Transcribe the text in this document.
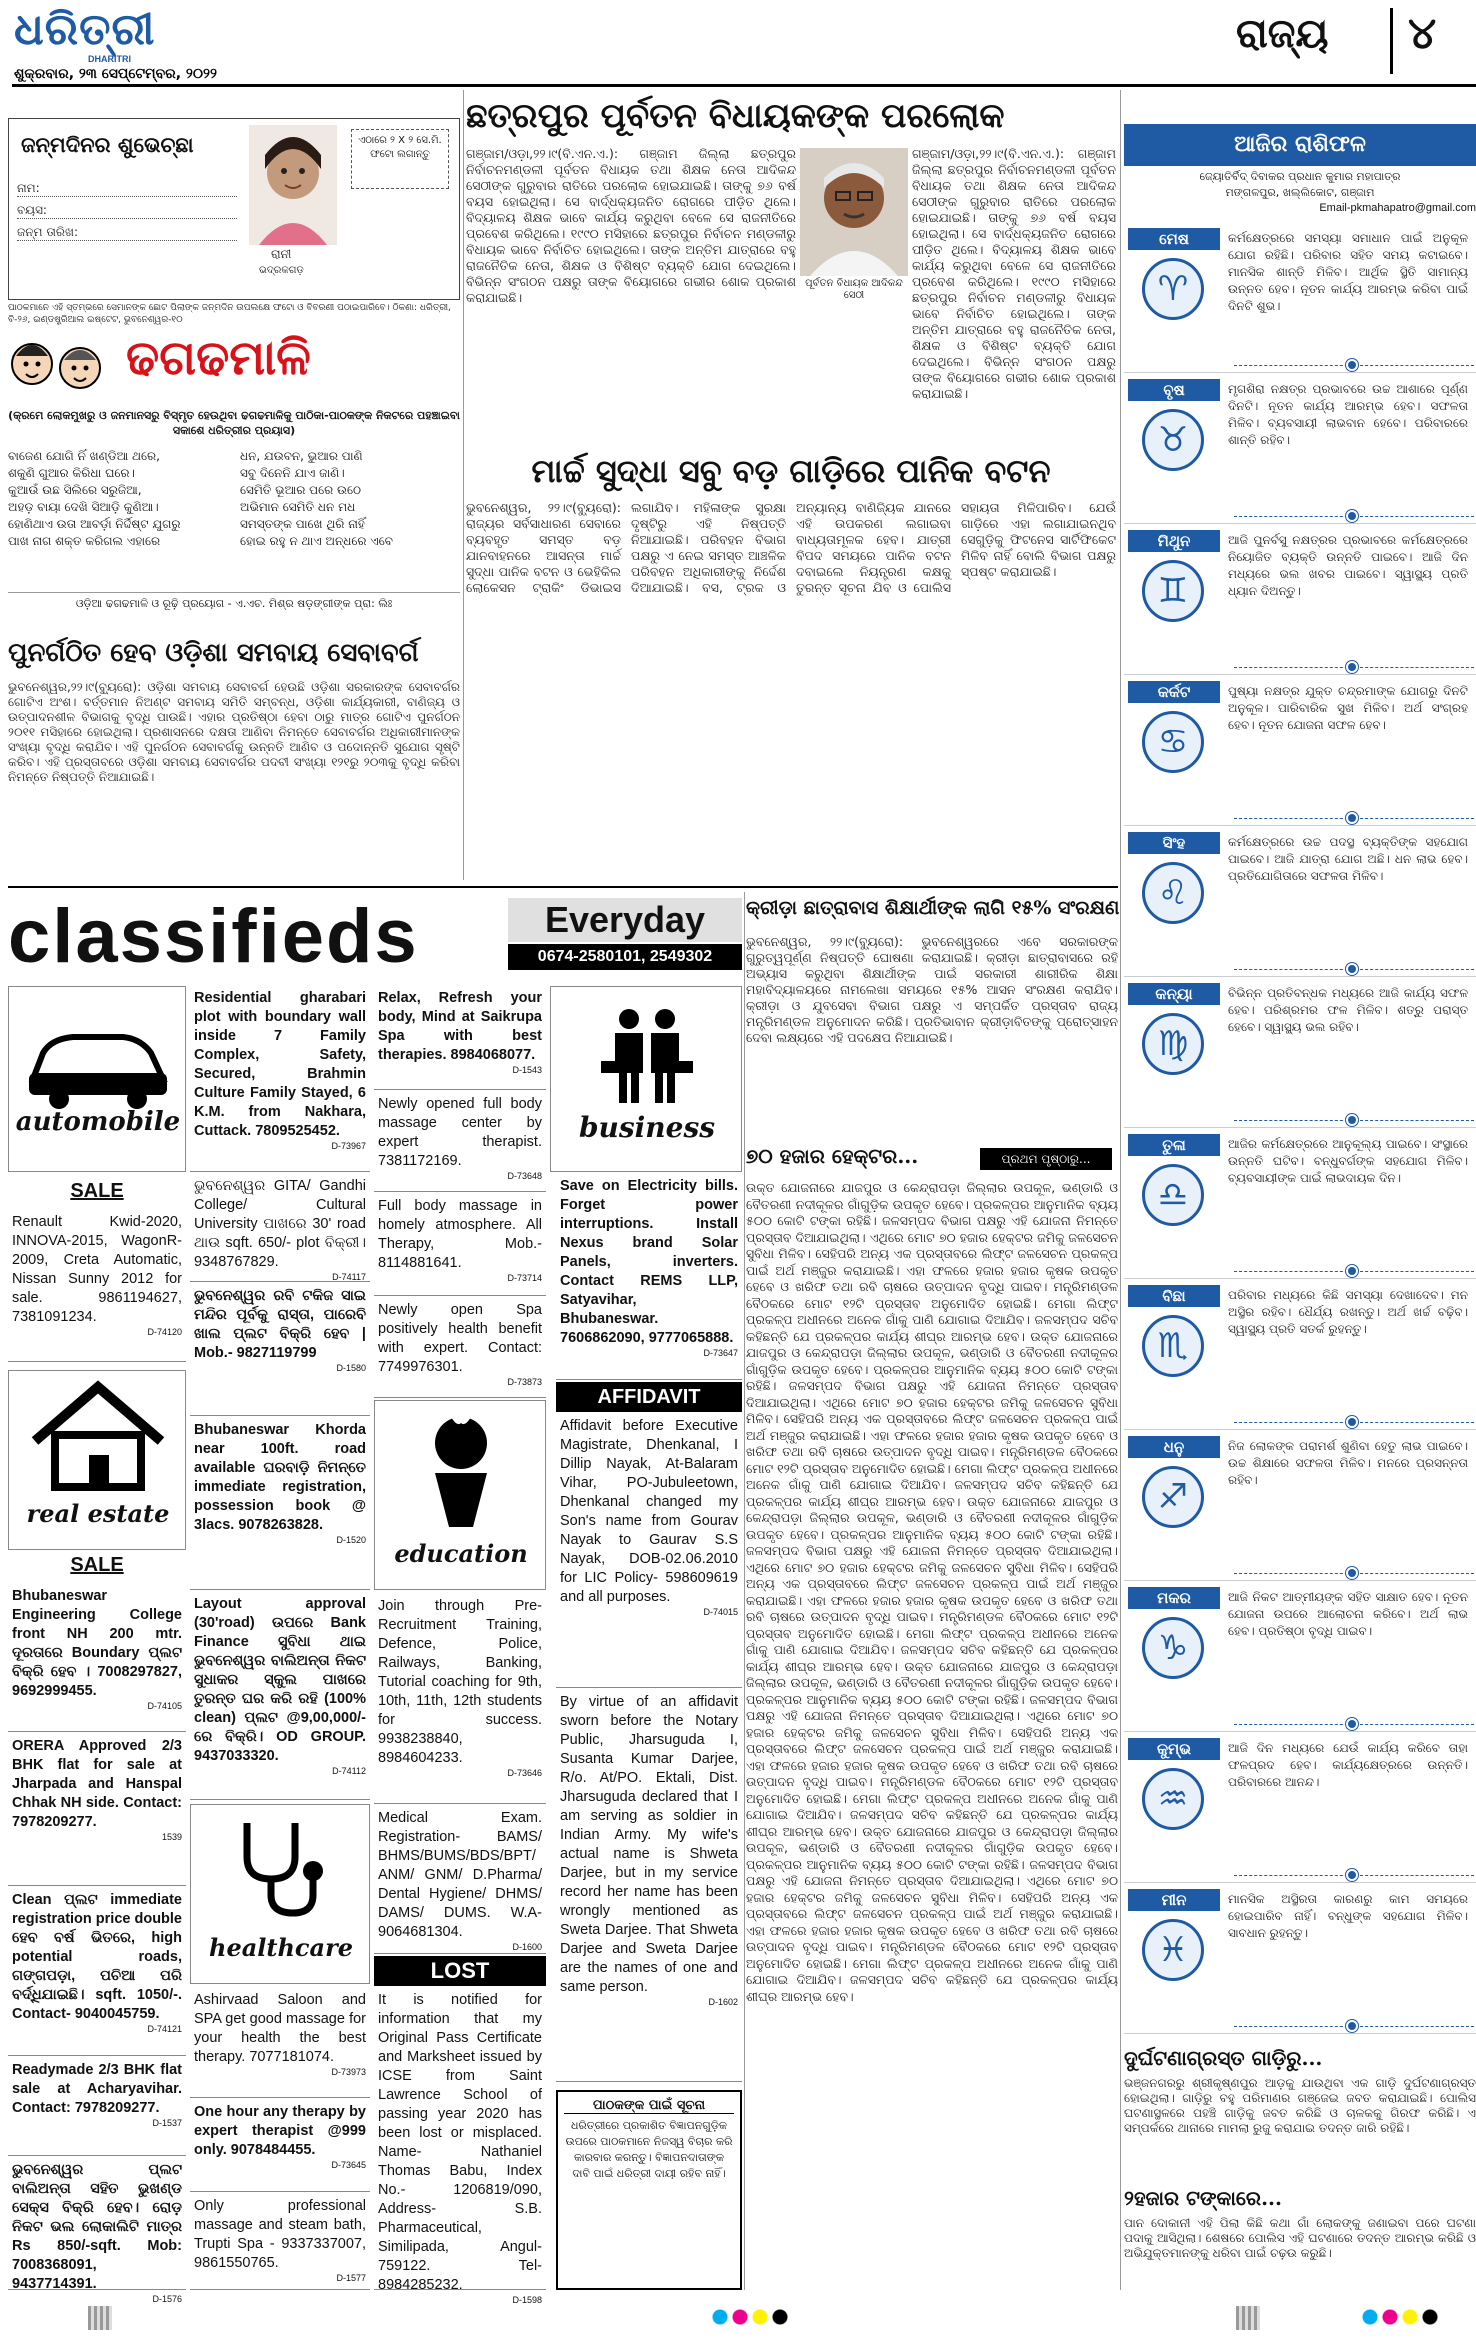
ଧରିତ୍ରୀ
DHARITRI
ଶୁକ୍ରବାର, ୨୩ ସେପ୍ଟେମ୍ବର, ୨୦୨୨
ରାଜ୍ୟ ୪
ଜନ୍ମଦିନର ଶୁଭେଚ୍ଛା
ନାମ:
ବୟସ:
ଜନ୍ମ ତାରିଖ:
ରାନୀ
ଭଦ୍ରକଗଡ଼
ଏଠାରେ ୨ X ୨ ସେ.ମି. ଫଟୋ ଲଗାନ୍ତୁ
ପାଠକମାନେ ଏହି ସ୍ତମ୍ଭରେ ସେମାନଙ୍କ ଛୋଟ ପିଲାଙ୍କ ଜନ୍ମଦିନ ଉପଲକ୍ଷେ ଫଟୋ ଓ ବିବରଣୀ ପଠାଇପାରିବେ। ଠିକଣା: ଧରିତ୍ରୀ, ବି-୨୬, ଇଣ୍ଡଷ୍ଟ୍ରିଆଲ ଇଷ୍ଟେଟ, ଭୁବନେଶ୍ୱର-୧୦
ଢଗଢମାଳି
(କ୍ରମେ ଲୋକମୁଖରୁ ଓ ଜନମାନସରୁ ବିସ୍ମୃତ ହେଉଥିବା ଢଗଢମାଳିକୁ ପାଠିକା-ପାଠକଙ୍କ ନିକଟରେ ପହଞ୍ଚାଇବା ସକାଶେ ଧରିତ୍ରୀର ପ୍ରୟାସ)
ବାଜେଣ ଯୋଗି ନିଁ ଖଣ୍ଡିଆ ଥରେ,
ଶକୁଣି ଗୁଆର କିରିଧା ଘରେ।
କୁଆଉଁ ଉଛ ସିଲିରେ ସରୁଜିଆ,
ଅହଡ଼ ବାୟା ଦେଖି ସିଆଡ଼ି କୁଣିଆ।
ହୋଣିଥାଏ ଉତା ଆବର୍ଡ଼ା ନିର୍ଦ୍ଦିଷ୍ଟ ଯୁଗରୁ
ପାଖ ନାଗ ଶକ୍ତ କରିଗଲ ଏହାରେ
ଧନ, ଯଉବନ, ଭୁଆର ପାଣି
ସବୁ ଦିନେନି ଯାଏ ଜାଣି।
ସେମିତି ଭୂଆର ପରେ ଉଠେ
ଅଭିମାନ ସେମିତି ଧନ ମଧ
ସମସ୍ତଙ୍କ ପାଖେ ଥିରି ନାହିଁ
ହୋଇ ରହୁ ନ ଥାଏ ଅନ୍ଧରେ ଏବେ
ଓଡ଼ିଆ ଢଗଢମାଳି ଓ ରୂଢ଼ି ପ୍ରୟୋଗ - ଏ.ଏଚ. ମିଶ୍ର ଷଡ଼ଙ୍ଗୀଙ୍କ ପ୍ରା: ଲିଃ
ପୁନର୍ଗଠିତ ହେବ ଓଡ଼ିଶା ସମବାୟ ସେବାବର୍ଗ
ଭୁବନେଶ୍ୱର,୨୨।୯(ବ୍ୟୁରୋ): ଓଡ଼ିଶା ସମବାୟ ସେବାବର୍ଗ ହେଉଛି ଓଡ଼ିଶା ସରକାରଙ୍କ ସେବାବର୍ଗର ଗୋଟିଏ ଅଂଶ। ବର୍ତ୍ତମାନ ନିଅଣ୍ଟ ସମବାୟ ସମିତି ସମ୍ବନ୍ଧ, ଓଡ଼ିଶା କାର୍ଯ୍ୟକାରୀ, ବାଣିଜ୍ୟ ଓ ଉତ୍ପାଦନଶୀଳ ବିଭାଗକୁ ବୃଦ୍ଧି ପାଉଛି। ଏହାର ପ୍ରତିଷ୍ଠା ହେବା ଠାରୁ ମାତ୍ର ଗୋଟିଏ ପୁନର୍ଗଠନ ୨୦୧୧ ମସିହାରେ ହୋଇଥିଲା। ପ୍ରଶାସନରେ ଦକ୍ଷତା ଆଣିବା ନିମନ୍ତେ ସେବାବର୍ଗର ଅଧିକାରୀମାନଙ୍କ ସଂଖ୍ୟା ବୃଦ୍ଧି କରାଯିବ। ଏହି ପୁନର୍ଗଠନ ସେବାବର୍ଗକୁ ଉନ୍ନତି ଆଣିବ ଓ ପଦୋନ୍ନତି ସୁଯୋଗ ସୃଷ୍ଟି କରିବ। ଏହି ପ୍ରସ୍ତାବରେ ଓଡ଼ିଶା ସମବାୟ ସେବାବର୍ଗର ପଦବୀ ସଂଖ୍ୟା ୧୨୧ରୁ ୨୦୩କୁ ବୃଦ୍ଧି କରିବା ନିମନ୍ତେ ନିଷ୍ପତ୍ତି ନିଆଯାଇଛି।
ଛତ୍ରପୁର ପୂର୍ବତନ ବିଧାୟକଙ୍କ ପରଲୋକ
ଗଞ୍ଜାମ/ଓଡ଼ା,୨୨।୯(ବି.ଏନ.ଏ.): ଗଞ୍ଜାମ ଜିଲ୍ଲା ଛତ୍ରପୁର ନିର୍ବାଚନମଣ୍ଡଳୀ ପୂର୍ବତନ ବିଧାୟକ ତଥା ଶିକ୍ଷକ ନେତା ଆଦିକନ୍ଦ ସେଠୀଙ୍କ ଗୁରୁବାର ରାତିରେ ପରଲୋକ ହୋଇଯାଇଛି। ତାଙ୍କୁ ୭୬ ବର୍ଷ ବୟସ ହୋଇଥିଲା। ସେ ବାର୍ଦ୍ଧକ୍ୟଜନିତ ରୋଗରେ ପୀଡ଼ିତ ଥିଲେ। ବିଦ୍ୟାଳୟ ଶିକ୍ଷକ ଭାବେ କାର୍ଯ୍ୟ କରୁଥିବା ବେଳେ ସେ ରାଜନୀତିରେ ପ୍ରବେଶ କରିଥିଲେ। ୧୯୯୦ ମସିହାରେ ଛତ୍ରପୁର ନିର୍ବାଚନ ମଣ୍ଡଳୀରୁ ବିଧାୟକ ଭାବେ ନିର୍ବାଚିତ ହୋଇଥିଲେ। ତାଙ୍କ ଅନ୍ତିମ ଯାତ୍ରାରେ ବହୁ ରାଜନୈତିକ ନେତା, ଶିକ୍ଷକ ଓ ବିଶିଷ୍ଟ ବ୍ୟକ୍ତି ଯୋଗ ଦେଇଥିଲେ। ବିଭିନ୍ନ ସଂଗଠନ ପକ୍ଷରୁ ତାଙ୍କ ବିୟୋଗରେ ଗଭୀର ଶୋକ ପ୍ରକାଶ କରାଯାଇଛି।
ପୂର୍ବତନ ବିଧାୟକ ଆଦିକନ୍ଦ ସେଠୀ
ଗଞ୍ଜାମ/ଓଡ଼ା,୨୨।୯(ବି.ଏନ.ଏ.): ଗଞ୍ଜାମ ଜିଲ୍ଲା ଛତ୍ରପୁର ନିର୍ବାଚନମଣ୍ଡଳୀ ପୂର୍ବତନ ବିଧାୟକ ତଥା ଶିକ୍ଷକ ନେତା ଆଦିକନ୍ଦ ସେଠୀଙ୍କ ଗୁରୁବାର ରାତିରେ ପରଲୋକ ହୋଇଯାଇଛି। ତାଙ୍କୁ ୭୬ ବର୍ଷ ବୟସ ହୋଇଥିଲା। ସେ ବାର୍ଦ୍ଧକ୍ୟଜନିତ ରୋଗରେ ପୀଡ଼ିତ ଥିଲେ। ବିଦ୍ୟାଳୟ ଶିକ୍ଷକ ଭାବେ କାର୍ଯ୍ୟ କରୁଥିବା ବେଳେ ସେ ରାଜନୀତିରେ ପ୍ରବେଶ କରିଥିଲେ। ୧୯୯୦ ମସିହାରେ ଛତ୍ରପୁର ନିର୍ବାଚନ ମଣ୍ଡଳୀରୁ ବିଧାୟକ ଭାବେ ନିର୍ବାଚିତ ହୋଇଥିଲେ। ତାଙ୍କ ଅନ୍ତିମ ଯାତ୍ରାରେ ବହୁ ରାଜନୈତିକ ନେତା, ଶିକ୍ଷକ ଓ ବିଶିଷ୍ଟ ବ୍ୟକ୍ତି ଯୋଗ ଦେଇଥିଲେ। ବିଭିନ୍ନ ସଂଗଠନ ପକ୍ଷରୁ ତାଙ୍କ ବିୟୋଗରେ ଗଭୀର ଶୋକ ପ୍ରକାଶ କରାଯାଇଛି।
ମାର୍ଚ୍ଚ ସୁଦ୍ଧା ସବୁ ବଡ଼ ଗାଡ଼ିରେ ପାନିକ ବଟନ
ଭୁବନେଶ୍ୱର, ୨୨।୯(ବ୍ୟୁରୋ): ରାଜ୍ୟର ସର୍ବସାଧାରଣ ସେବାରେ ବ୍ୟବହୃତ ସମସ୍ତ ବଡ଼ ଯାନବାହନରେ ଆସନ୍ତା ମାର୍ଚ୍ଚ ସୁଦ୍ଧା ପାନିକ ବଟନ ଓ ଭେହିକିଲ ଲୋକେସନ ଟ୍ରାକିଂ ଡିଭାଇସ ଲଗାଯିବ। ମହିଳାଙ୍କ ସୁରକ୍ଷା ଦୃଷ୍ଟିରୁ ଏହି ନିଷ୍ପତ୍ତି ନିଆଯାଇଛି। ପରିବହନ ବିଭାଗ ପକ୍ଷରୁ ଏ ନେଇ ସମସ୍ତ ଆଞ୍ଚଳିକ ପରିବହନ ଅଧିକାରୀଙ୍କୁ ନିର୍ଦ୍ଦେଶ ଦିଆଯାଇଛି। ବସ, ଟ୍ରକ ଓ ଅନ୍ୟାନ୍ୟ ବାଣିଜ୍ୟିକ ଯାନରେ ଏହି ଉପକରଣ ଲଗାଇବା ବାଧ୍ୟତାମୂଳକ ହେବ। ଯାତ୍ରୀ ବିପଦ ସମୟରେ ପାନିକ ବଟନ ଦବାଇଲେ ନିୟନ୍ତ୍ରଣ କକ୍ଷକୁ ତୁରନ୍ତ ସୂଚନା ଯିବ ଓ ପୋଲିସ ସହାୟତା ମିଳିପାରିବ। ଯେଉଁ ଗାଡ଼ିରେ ଏହା ଲଗାଯାଇନଥିବ ସେଗୁଡ଼ିକୁ ଫିଟନେସ ସାର୍ଟିଫିକେଟ ମିଳିବ ନାହିଁ ବୋଲି ବିଭାଗ ପକ୍ଷରୁ ସ୍ପଷ୍ଟ କରାଯାଇଛି।
classifieds	Everyday
0674-2580101, 2549302
automobile
SALE
Renault Kwid-2020, INNOVA-2015, WagonR-2009, Creta Automatic, Nissan Sunny 2012 for sale. 9861194627, 7381091234.
D-74120
real estate
SALE
Bhubaneswar Engineering College front NH 200 mtr. ଦୂରତାରେ Boundary ପ୍ଲଟ ବିକ୍ରି ହେବ । 7008297827, 9692999455.
D-74105
ORERA Approved 2/3 BHK flat for sale at Jharpada and Hanspal Chhak NH side. Contact: 7978209277.
1539
Clean ପ୍ଲଟ immediate registration price double ହେବ ବର୍ଷ ଭିତରେ, high potential roads, ଗଙ୍ଗପଡ଼ା, ପଚିଆ ପରି ବର୍ଦ୍ଧିଯାଇଛି। sqft. 1050/-. Contact- 9040045759.
D-74121
Readymade 2/3 BHK flat sale at Acharyavihar. Contact: 7978209277.
D-1537
ଭୁବନେଶ୍ୱର ପ୍ଲଟ ବାଲିଅନ୍ତା ସହିତ ଭୁଖଣ୍ଡ ସେକ୍ସ ବିକ୍ରି ହେବ। ରୋଡ଼ ନିକଟ ଭଲ ଲୋକାଲିଟି ମାତ୍ର Rs 850/-sqft. Mob: 7008368091, 9437714391.
D-1576
Residential gharabari plot with boundary wall inside 7 Family Complex, Safety, Secured, Brahmin Culture Family Stayed, 6 K.M. from Nakhara, Cuttack. 7809525452.
D-73967
ଭୁବନେଶ୍ୱର GITA/ Gandhi College/ Cultural University ପାଖରେ 30' road ଥାଉ sqft. 650/- plot ବିକ୍ରୀ। 9348767829.
D-74117
ଭୁବନେଶ୍ୱର ରବି ଟକିଜ ସାଇ ମନ୍ଦିର ପୂର୍ବକୁ ରାସ୍ତା, ପାରେବି ଖାଲ ପ୍ଲଟ ବିକ୍ରି ହେବ | Mob.- 9827119799
D-1580
Bhubaneswar Khorda near 100ft. road available ଘରବାଡ଼ି ନିମନ୍ତେ immediate registration, possession book @ 3lacs. 9078263828.
D-1520
Layout approval (30'road) ଉପରେ Bank Finance ସୁବିଧା ଥାଇ ଭୁବନେଶ୍ୱର ବାଲିଅନ୍ତା ନିକଟ ସୁଧାକର ସ୍କୁଲ ପାଖରେ ତୁରନ୍ତ ଘର କରି ରହି (100% clean) ପ୍ଲଟ @9,00,000/-ରେ ବିକ୍ରି। OD GROUP. 9437033320.
D-74112
healthcare
Ashirvaad Saloon and SPA get good massage for your health the best therapy. 7077181074.
D-73973
One hour any therapy by expert therapist @999 only. 9078484455.
D-73645
Only professional massage and steam bath, Trupti Spa - 9337337007, 9861550765.
D-1577
Relax, Refresh your body, Mind at Saikrupa Spa with best therapies. 8984068077.
D-1543
Newly opened full body massage center by expert therapist. 7381172169.
D-73648
Full body massage in homely atmosphere. All Therapy, Mob.- 8114881641.
D-73714
Newly open Spa positively health benefit with expert. Contact: 7749976301.
D-73873
education
Join through Pre-Recruitment Training, Defence, Police, Railways, Banking, Tutorial coaching for 9th, 10th, 11th, 12th students for success. 9938238840, 8984604233.
D-73646
Medical Exam. Registration- BAMS/ BHMS/BUMS/BDS/BPT/ ANM/ GNM/ D.Pharma/ Dental Hygiene/ DHMS/ DAMS/ DUMS. W.A-9064681304.
D-1600
LOST
It is notified for information that my Original Pass Certificate and Marksheet issued by ICSE from Saint Lawrence School of passing year 2020 has been lost or misplaced. Name- Nathaniel Thomas Babu, Index No.- 1206819/090, Address- S.B. Pharmaceutical, Similipada, Angul-759122. Tel- 8984285232.
D-1598
business
Save on Electricity bills. Forget power interruptions. Install Nexus brand Solar Panels, inverters. Contact REMS LLP, Satyavihar, Bhubaneswar. 7606862090, 9777065888.
D-73647
AFFIDAVIT
Affidavit before Executive Magistrate, Dhenkanal, I Dillip Nayak, At-Balaram Vihar, PO-Jubuleetown, Dhenkanal changed my Son's name from Gourav Nayak to Gaurav S.S Nayak, DOB-02.06.2010 for LIC Policy- 598609619 and all purposes.
D-74015
By virtue of an affidavit sworn before the Notary Public, Jharsuguda I, Susanta Kumar Darjee, R/o. At/PO. Ektali, Dist. Jharsuguda declared that I am serving as soldier in Indian Army. My wife's actual name is Shweta Darjee, but in my service record her name has been wrongly mentioned as Sweta Darjee. That Shweta Darjee and Sweta Darjee are the names of one and same person.
D-1602
ପାଠକଙ୍କ ପାଇଁ ସୂଚନା
ଧରିତ୍ରୀରେ ପ୍ରକାଶିତ ବିଜ୍ଞାପନଗୁଡ଼ିକ ଉପରେ ପାଠକମାନେ ନିଜସ୍ୱ ବିଚାର କରି କାରବାର କରନ୍ତୁ। ବିଜ୍ଞାପନଦାତାଙ୍କ ଦାବି ପାଇଁ ଧରିତ୍ରୀ ଦାୟୀ ରହିବ ନାହିଁ।
କ୍ରୀଡ଼ା ଛାତ୍ରାବାସ ଶିକ୍ଷାର୍ଥୀଙ୍କ ଲାଗି ୧୫% ସଂରକ୍ଷଣ
ଭୁବନେଶ୍ୱର, ୨୨।୯(ବ୍ୟୁରୋ): ଭୁବନେଶ୍ୱରରେ ଏବେ ସରକାରଙ୍କ ଗୁରୁତ୍ୱପୂର୍ଣ୍ଣ ନିଷ୍ପତ୍ତି ଘୋଷଣା କରାଯାଇଛି। କ୍ରୀଡ଼ା ଛାତ୍ରାବାସରେ ରହି ଅଭ୍ୟାସ କରୁଥିବା ଶିକ୍ଷାର୍ଥୀଙ୍କ ପାଇଁ ସରକାରୀ ଶାରୀରିକ ଶିକ୍ଷା ମହାବିଦ୍ୟାଳୟରେ ନାମଲେଖା ସମୟରେ ୧୫% ଆସନ ସଂରକ୍ଷଣ କରାଯିବ। କ୍ରୀଡ଼ା ଓ ଯୁବସେବା ବିଭାଗ ପକ୍ଷରୁ ଏ ସମ୍ପର୍କିତ ପ୍ରସ୍ତାବ ରାଜ୍ୟ ମନ୍ତ୍ରିମଣ୍ଡଳ ଅନୁମୋଦନ କରିଛି। ପ୍ରତିଭାବାନ କ୍ରୀଡ଼ାବିତଙ୍କୁ ପ୍ରୋତ୍ସାହନ ଦେବା ଲକ୍ଷ୍ୟରେ ଏହି ପଦକ୍ଷେପ ନିଆଯାଇଛି।
୭୦ ହଜାର ହେକ୍ଟର...	ପ୍ରଥମ ପୃଷ୍ଠାରୁ...
ଉକ୍ତ ଯୋଜନାରେ ଯାଜପୁର ଓ କେନ୍ଦ୍ରାପଡ଼ା ଜିଲ୍ଲାର ଉପକୂଳ, ଭଣ୍ଡାରି ଓ ବୈତରଣୀ ନଦୀକୂଳର ଗାଁଗୁଡ଼ିକ ଉପକୃତ ହେବେ। ପ୍ରକଳ୍ପର ଆନୁମାନିକ ବ୍ୟୟ ୫୦୦ କୋଟି ଟଙ୍କା ରହିଛି। ଜଳସମ୍ପଦ ବିଭାଗ ପକ୍ଷରୁ ଏହି ଯୋଜନା ନିମନ୍ତେ ପ୍ରସ୍ତାବ ଦିଆଯାଇଥିଲା। ଏଥିରେ ମୋଟ ୭୦ ହଜାର ହେକ୍ଟର ଜମିକୁ ଜଳସେଚନ ସୁବିଧା ମିଳିବ। ସେହିପରି ଅନ୍ୟ ଏକ ପ୍ରସ୍ତାବରେ ଲିଫ୍ଟ ଜଳସେଚନ ପ୍ରକଳ୍ପ ପାଇଁ ଅର୍ଥ ମଞ୍ଜୁର କରାଯାଇଛି। ଏହା ଫଳରେ ହଜାର ହଜାର କୃଷକ ଉପକୃତ ହେବେ ଓ ଖରିଫ ତଥା ରବି ଚାଷରେ ଉତ୍ପାଦନ ବୃଦ୍ଧି ପାଇବ। ମନ୍ତ୍ରିମଣ୍ଡଳ ବୈଠକରେ ମୋଟ ୧୨ଟି ପ୍ରସ୍ତାବ ଅନୁମୋଦିତ ହୋଇଛି। ମେଗା ଲିଫ୍ଟ ପ୍ରକଳ୍ପ ଅଧୀନରେ ଅନେକ ଗାଁକୁ ପାଣି ଯୋଗାଇ ଦିଆଯିବ। ଜଳସମ୍ପଦ ସଚିବ କହିଛନ୍ତି ଯେ ପ୍ରକଳ୍ପର କାର୍ଯ୍ୟ ଶୀଘ୍ର ଆରମ୍ଭ ହେବ। ଉକ୍ତ ଯୋଜନାରେ ଯାଜପୁର ଓ କେନ୍ଦ୍ରାପଡ଼ା ଜିଲ୍ଲାର ଉପକୂଳ, ଭଣ୍ଡାରି ଓ ବୈତରଣୀ ନଦୀକୂଳର ଗାଁଗୁଡ଼ିକ ଉପକୃତ ହେବେ। ପ୍ରକଳ୍ପର ଆନୁମାନିକ ବ୍ୟୟ ୫୦୦ କୋଟି ଟଙ୍କା ରହିଛି। ଜଳସମ୍ପଦ ବିଭାଗ ପକ୍ଷରୁ ଏହି ଯୋଜନା ନିମନ୍ତେ ପ୍ରସ୍ତାବ ଦିଆଯାଇଥିଲା। ଏଥିରେ ମୋଟ ୭୦ ହଜାର ହେକ୍ଟର ଜମିକୁ ଜଳସେଚନ ସୁବିଧା ମିଳିବ। ସେହିପରି ଅନ୍ୟ ଏକ ପ୍ରସ୍ତାବରେ ଲିଫ୍ଟ ଜଳସେଚନ ପ୍ରକଳ୍ପ ପାଇଁ ଅର୍ଥ ମଞ୍ଜୁର କରାଯାଇଛି। ଏହା ଫଳରେ ହଜାର ହଜାର କୃଷକ ଉପକୃତ ହେବେ ଓ ଖରିଫ ତଥା ରବି ଚାଷରେ ଉତ୍ପାଦନ ବୃଦ୍ଧି ପାଇବ। ମନ୍ତ୍ରିମଣ୍ଡଳ ବୈଠକରେ ମୋଟ ୧୨ଟି ପ୍ରସ୍ତାବ ଅନୁମୋଦିତ ହୋଇଛି। ମେଗା ଲିଫ୍ଟ ପ୍ରକଳ୍ପ ଅଧୀନରେ ଅନେକ ଗାଁକୁ ପାଣି ଯୋଗାଇ ଦିଆଯିବ। ଜଳସମ୍ପଦ ସଚିବ କହିଛନ୍ତି ଯେ ପ୍ରକଳ୍ପର କାର୍ଯ୍ୟ ଶୀଘ୍ର ଆରମ୍ଭ ହେବ। ଉକ୍ତ ଯୋଜନାରେ ଯାଜପୁର ଓ କେନ୍ଦ୍ରାପଡ଼ା ଜିଲ୍ଲାର ଉପକୂଳ, ଭଣ୍ଡାରି ଓ ବୈତରଣୀ ନଦୀକୂଳର ଗାଁଗୁଡ଼ିକ ଉପକୃତ ହେବେ। ପ୍ରକଳ୍ପର ଆନୁମାନିକ ବ୍ୟୟ ୫୦୦ କୋଟି ଟଙ୍କା ରହିଛି। ଜଳସମ୍ପଦ ବିଭାଗ ପକ୍ଷରୁ ଏହି ଯୋଜନା ନିମନ୍ତେ ପ୍ରସ୍ତାବ ଦିଆଯାଇଥିଲା। ଏଥିରେ ମୋଟ ୭୦ ହଜାର ହେକ୍ଟର ଜମିକୁ ଜଳସେଚନ ସୁବିଧା ମିଳିବ। ସେହିପରି ଅନ୍ୟ ଏକ ପ୍ରସ୍ତାବରେ ଲିଫ୍ଟ ଜଳସେଚନ ପ୍ରକଳ୍ପ ପାଇଁ ଅର୍ଥ ମଞ୍ଜୁର କରାଯାଇଛି। ଏହା ଫଳରେ ହଜାର ହଜାର କୃଷକ ଉପକୃତ ହେବେ ଓ ଖରିଫ ତଥା ରବି ଚାଷରେ ଉତ୍ପାଦନ ବୃଦ୍ଧି ପାଇବ। ମନ୍ତ୍ରିମଣ୍ଡଳ ବୈଠକରେ ମୋଟ ୧୨ଟି ପ୍ରସ୍ତାବ ଅନୁମୋଦିତ ହୋଇଛି। ମେଗା ଲିଫ୍ଟ ପ୍ରକଳ୍ପ ଅଧୀନରେ ଅନେକ ଗାଁକୁ ପାଣି ଯୋଗାଇ ଦିଆଯିବ। ଜଳସମ୍ପଦ ସଚିବ କହିଛନ୍ତି ଯେ ପ୍ରକଳ୍ପର କାର୍ଯ୍ୟ ଶୀଘ୍ର ଆରମ୍ଭ ହେବ। ଉକ୍ତ ଯୋଜନାରେ ଯାଜପୁର ଓ କେନ୍ଦ୍ରାପଡ଼ା ଜିଲ୍ଲାର ଉପକୂଳ, ଭଣ୍ଡାରି ଓ ବୈତରଣୀ ନଦୀକୂଳର ଗାଁଗୁଡ଼ିକ ଉପକୃତ ହେବେ। ପ୍ରକଳ୍ପର ଆନୁମାନିକ ବ୍ୟୟ ୫୦୦ କୋଟି ଟଙ୍କା ରହିଛି। ଜଳସମ୍ପଦ ବିଭାଗ ପକ୍ଷରୁ ଏହି ଯୋଜନା ନିମନ୍ତେ ପ୍ରସ୍ତାବ ଦିଆଯାଇଥିଲା। ଏଥିରେ ମୋଟ ୭୦ ହଜାର ହେକ୍ଟର ଜମିକୁ ଜଳସେଚନ ସୁବିଧା ମିଳିବ। ସେହିପରି ଅନ୍ୟ ଏକ ପ୍ରସ୍ତାବରେ ଲିଫ୍ଟ ଜଳସେଚନ ପ୍ରକଳ୍ପ ପାଇଁ ଅର୍ଥ ମଞ୍ଜୁର କରାଯାଇଛି। ଏହା ଫଳରେ ହଜାର ହଜାର କୃଷକ ଉପକୃତ ହେବେ ଓ ଖରିଫ ତଥା ରବି ଚାଷରେ ଉତ୍ପାଦନ ବୃଦ୍ଧି ପାଇବ। ମନ୍ତ୍ରିମଣ୍ଡଳ ବୈଠକରେ ମୋଟ ୧୨ଟି ପ୍ରସ୍ତାବ ଅନୁମୋଦିତ ହୋଇଛି। ମେଗା ଲିଫ୍ଟ ପ୍ରକଳ୍ପ ଅଧୀନରେ ଅନେକ ଗାଁକୁ ପାଣି ଯୋଗାଇ ଦିଆଯିବ। ଜଳସମ୍ପଦ ସଚିବ କହିଛନ୍ତି ଯେ ପ୍ରକଳ୍ପର କାର୍ଯ୍ୟ ଶୀଘ୍ର ଆରମ୍ଭ ହେବ। ଉକ୍ତ ଯୋଜନାରେ ଯାଜପୁର ଓ କେନ୍ଦ୍ରାପଡ଼ା ଜିଲ୍ଲାର ଉପକୂଳ, ଭଣ୍ଡାରି ଓ ବୈତରଣୀ ନଦୀକୂଳର ଗାଁଗୁଡ଼ିକ ଉପକୃତ ହେବେ। ପ୍ରକଳ୍ପର ଆନୁମାନିକ ବ୍ୟୟ ୫୦୦ କୋଟି ଟଙ୍କା ରହିଛି। ଜଳସମ୍ପଦ ବିଭାଗ ପକ୍ଷରୁ ଏହି ଯୋଜନା ନିମନ୍ତେ ପ୍ରସ୍ତାବ ଦିଆଯାଇଥିଲା। ଏଥିରେ ମୋଟ ୭୦ ହଜାର ହେକ୍ଟର ଜମିକୁ ଜଳସେଚନ ସୁବିଧା ମିଳିବ। ସେହିପରି ଅନ୍ୟ ଏକ ପ୍ରସ୍ତାବରେ ଲିଫ୍ଟ ଜଳସେଚନ ପ୍ରକଳ୍ପ ପାଇଁ ଅର୍ଥ ମଞ୍ଜୁର କରାଯାଇଛି। ଏହା ଫଳରେ ହଜାର ହଜାର କୃଷକ ଉପକୃତ ହେବେ ଓ ଖରିଫ ତଥା ରବି ଚାଷରେ ଉତ୍ପାଦନ ବୃଦ୍ଧି ପାଇବ। ମନ୍ତ୍ରିମଣ୍ଡଳ ବୈଠକରେ ମୋଟ ୧୨ଟି ପ୍ରସ୍ତାବ ଅନୁମୋଦିତ ହୋଇଛି। ମେଗା ଲିଫ୍ଟ ପ୍ରକଳ୍ପ ଅଧୀନରେ ଅନେକ ଗାଁକୁ ପାଣି ଯୋଗାଇ ଦିଆଯିବ। ଜଳସମ୍ପଦ ସଚିବ କହିଛନ୍ତି ଯେ ପ୍ରକଳ୍ପର କାର୍ଯ୍ୟ ଶୀଘ୍ର ଆରମ୍ଭ ହେବ।
ଆଜିର ରାଶିଫଳ
ଜ୍ୟୋତିର୍ବିଦ୍ ଦିବାକର ପ୍ରଧାନ କୁମାର ମହାପାତ୍ର
ମଙ୍ଗଳପୁର, ଖଲ୍ଲିକୋଟ, ଗଞ୍ଜାମ
Email-pkmahapatro@gmail.com
ମେଷ
♈
କର୍ମକ୍ଷେତ୍ରରେ ସମସ୍ୟା ସମାଧାନ ପାଇଁ ଅନୁକୂଳ ଯୋଗ ରହିଛି। ପରିବାର ସହିତ ସମୟ କଟାଇବେ। ମାନସିକ ଶାନ୍ତି ମିଳିବ। ଆର୍ଥିକ ସ୍ଥିତି ସାମାନ୍ୟ ଉନ୍ନତ ହେବ। ନୂତନ କାର୍ଯ୍ୟ ଆରମ୍ଭ କରିବା ପାଇଁ ଦିନଟି ଶୁଭ।
ବୃଷ
♉
ମୃଗଶିରା ନକ୍ଷତ୍ର ପ୍ରଭାବରେ ଉଚ୍ଚ ଆଶାରେ ପୂର୍ଣ୍ଣ ଦିନଟି। ନୂତନ କାର୍ଯ୍ୟ ଆରମ୍ଭ ହେବ। ସଫଳତା ମିଳିବ। ବ୍ୟବସାୟୀ ଲାଭବାନ ହେବେ। ପରିବାରରେ ଶାନ୍ତି ରହିବ।
ମିଥୁନ
♊
ଆଜି ପୁନର୍ବସୁ ନକ୍ଷତ୍ରର ପ୍ରଭାବରେ କର୍ମକ୍ଷେତ୍ରରେ ନିୟୋଜିତ ବ୍ୟକ୍ତି ଉନ୍ନତି ପାଇବେ। ଆଜି ଦିନ ମଧ୍ୟରେ ଭଲ ଖବର ପାଇବେ। ସ୍ୱାସ୍ଥ୍ୟ ପ୍ରତି ଧ୍ୟାନ ଦିଅନ୍ତୁ।
କର୍କଟ
♋
ପୁଷ୍ୟା ନକ୍ଷତ୍ର ଯୁକ୍ତ ଚନ୍ଦ୍ରମାଙ୍କ ଯୋଗରୁ ଦିନଟି ଅନୁକୂଳ। ପାରିବାରିକ ସୁଖ ମିଳିବ। ଅର୍ଥ ସଂଗ୍ରହ ହେବ। ନୂତନ ଯୋଜନା ସଫଳ ହେବ।
ସିଂହ
♌
କର୍ମକ୍ଷେତ୍ରରେ ଉଚ୍ଚ ପଦସ୍ଥ ବ୍ୟକ୍ତିଙ୍କ ସହଯୋଗ ପାଇବେ। ଆଜି ଯାତ୍ରା ଯୋଗ ଅଛି। ଧନ ଲାଭ ହେବ। ପ୍ରତିଯୋଗିତାରେ ସଫଳତା ମିଳିବ।
କନ୍ୟା
♍
ବିଭିନ୍ନ ପ୍ରତିବନ୍ଧକ ମଧ୍ୟରେ ଆଜି କାର୍ଯ୍ୟ ସଫଳ ହେବ। ପରିଶ୍ରମର ଫଳ ମିଳିବ। ଶତ୍ରୁ ପରାସ୍ତ ହେବେ। ସ୍ୱାସ୍ଥ୍ୟ ଭଲ ରହିବ।
ତୁଳା
♎
ଆଜିର କର୍ମକ୍ଷେତ୍ରରେ ଆନୁକୂଲ୍ୟ ପାଇବେ। ସଂସ୍ଥାରେ ଉନ୍ନତି ଘଟିବ। ବନ୍ଧୁବର୍ଗଙ୍କ ସହଯୋଗ ମିଳିବ। ବ୍ୟବସାୟୀଙ୍କ ପାଇଁ ଲାଭଦାୟକ ଦିନ।
ବିଛା
♏
ପରିବାର ମଧ୍ୟରେ କିଛି ସମସ୍ୟା ଦେଖାଦେବ। ମନ ଅସ୍ଥିର ରହିବ। ଧୈର୍ଯ୍ୟ ରଖନ୍ତୁ। ଅର୍ଥ ଖର୍ଚ୍ଚ ବଢ଼ିବ। ସ୍ୱାସ୍ଥ୍ୟ ପ୍ରତି ସତର୍କ ରୁହନ୍ତୁ।
ଧନୁ
♐
ନିଜ ଲୋକଙ୍କ ପରାମର୍ଶ ଶୁଣିବା ହେତୁ ଲାଭ ପାଇବେ। ଉଚ୍ଚ ଶିକ୍ଷାରେ ସଫଳତା ମିଳିବ। ମନରେ ପ୍ରସନ୍ନତା ରହିବ।
ମକର
♑
ଆଜି ନିକଟ ଆତ୍ମୀୟଙ୍କ ସହିତ ସାକ୍ଷାତ ହେବ। ନୂତନ ଯୋଜନା ଉପରେ ଆଲୋଚନା କରିବେ। ଅର୍ଥ ଲାଭ ହେବ। ପ୍ରତିଷ୍ଠା ବୃଦ୍ଧି ପାଇବ।
କୁମ୍ଭ
♒
ଆଜି ଦିନ ମଧ୍ୟରେ ଯେଉଁ କାର୍ଯ୍ୟ କରିବେ ତାହା ଫଳପ୍ରଦ ହେବ। କାର୍ଯ୍ୟକ୍ଷେତ୍ରରେ ଉନ୍ନତି। ପରିବାରରେ ଆନନ୍ଦ।
ମୀନ
♓
ମାନସିକ ଅସ୍ଥିରତା କାରଣରୁ କାମ ସମୟରେ ହୋଇପାରିବ ନାହିଁ। ବନ୍ଧୁଙ୍କ ସହଯୋଗ ମିଳିବ। ସାବଧାନ ରୁହନ୍ତୁ।
ଦୁର୍ଘଟଣାଗ୍ରସ୍ତ ଗାଡ଼ିରୁ...
ଭଞ୍ଜନଗରରୁ ଶ୍ରୀକୃଷ୍ଣପୁର ଆଡ଼କୁ ଯାଉଥିବା ଏକ ଗାଡ଼ି ଦୁର୍ଘଟଣାଗ୍ରସ୍ତ ହୋଇଥିଲା। ଗାଡ଼ିରୁ ବହୁ ପରିମାଣର ଗଞ୍ଜେଇ ଜବତ କରାଯାଇଛି। ପୋଲିସ ଘଟଣାସ୍ଥଳରେ ପହଞ୍ଚି ଗାଡ଼ିକୁ ଜବତ କରିଛି ଓ ଚାଳକକୁ ଗିରଫ କରିଛି। ଏ ସମ୍ପର୍କରେ ଥାନାରେ ମାମଲା ରୁଜୁ କରାଯାଇ ତଦନ୍ତ ଜାରି ରହିଛି।
୨ହଜାର ଟଙ୍କାରେ...
ପାନ ଦୋକାନୀ ଏହି ପିଲା କିଛି କଥା ଗାଁ ଲୋକଙ୍କୁ ଜଣାଇବା ପରେ ଘଟଣା ପଦାକୁ ଆସିଥିଲା। ଶେଷରେ ପୋଲିସ ଏହି ଘଟଣାରେ ତଦନ୍ତ ଆରମ୍ଭ କରିଛି ଓ ଅଭିଯୁକ୍ତମାନଙ୍କୁ ଧରିବା ପାଇଁ ଚଢ଼ଉ କରୁଛି।
